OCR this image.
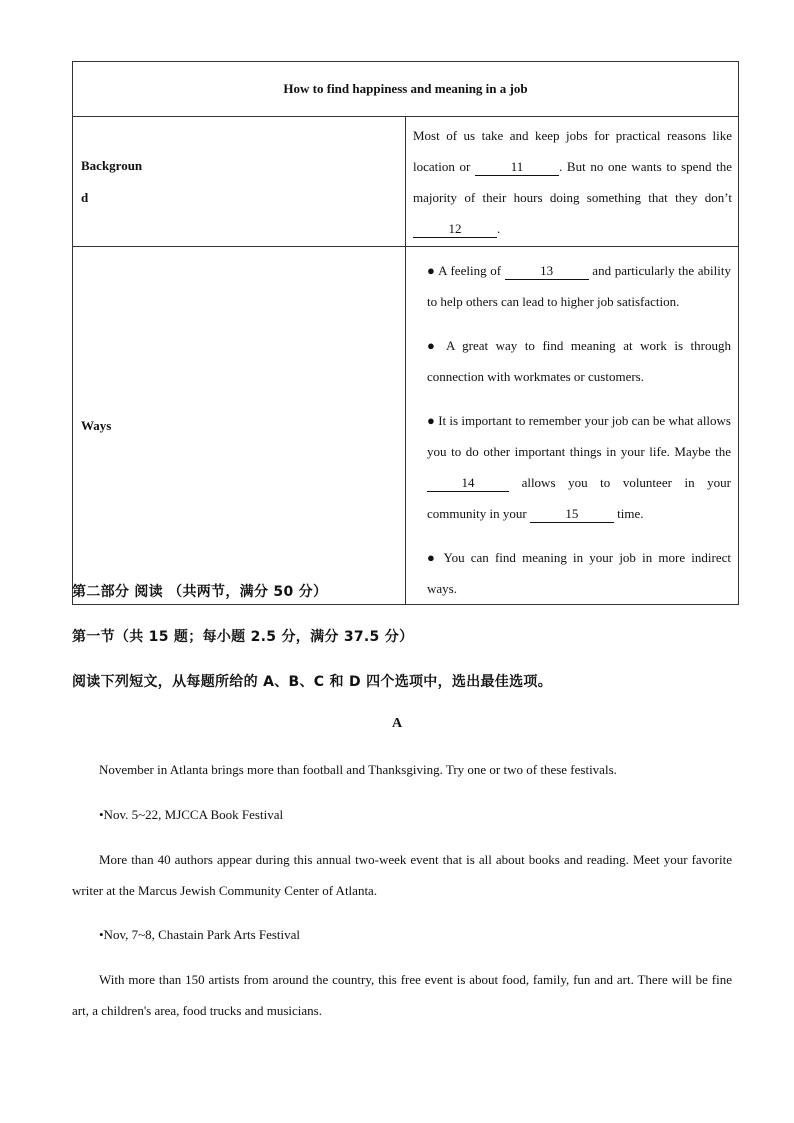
How to find happiness and meaning in a job	
Backgroun
d	Most of us take and keep jobs for practical reasons like location or 11 . But no one wants to spend the majority of their hours doing something that they don’t 12 .
Ways	● A feeling of 13 and particularly the ability to help others can lead to higher job satisfaction.

● A great way to find meaning at work is through connection with workmates or customers.

● It is important to remember your job can be what allows you to do other important things in your life. Maybe the 14 allows you to volunteer in your community in your 15 time.

● You can find meaning in your job in more indirect ways.

第二部分 阅读 （共两节，满分 50 分）
第一节（共 15 题；每小题 2.5 分，满分 37.5 分）
阅读下列短文，从每题所给的 A、B、C 和 D 四个选项中，选出最佳选项。
A
November in Atlanta brings more than football and Thanksgiving. Try one or two of these festivals.
•Nov. 5~22, MJCCA Book Festival
More than 40 authors appear during this annual two-week event that is all about books and reading. Meet your favorite writer at the Marcus Jewish Community Center of Atlanta.
•Nov, 7~8, Chastain Park Arts Festival
With more than 150 artists from around the country, this free event is about food, family, fun and art. There will be fine art, a children's area, food trucks and musicians.
